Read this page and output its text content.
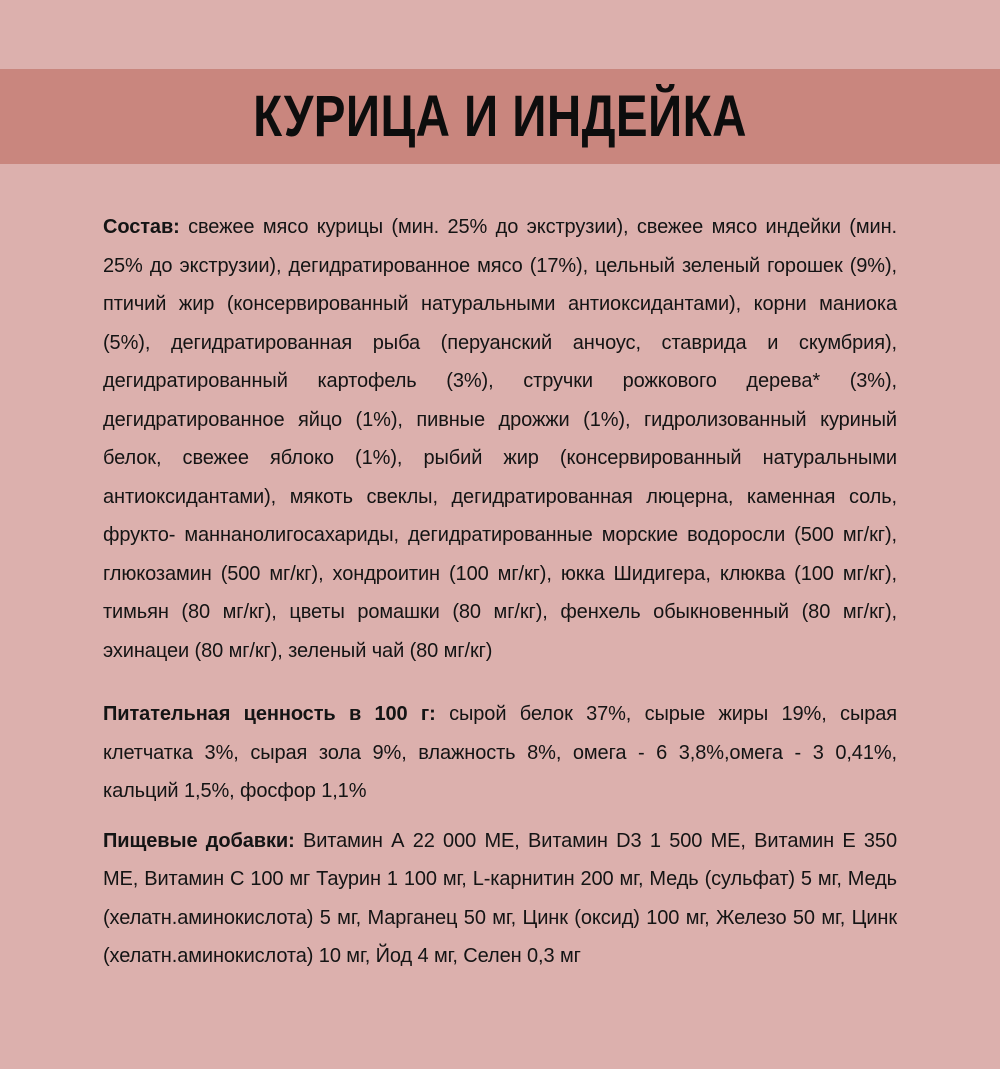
КУРИЦА И ИНДЕЙКА

Состав: свежее мясо курицы (мин. 25% до экструзии), свежее мясо индейки (мин. 25% до экструзии), дегидратированное мясо (17%), цельный зеленый горошек (9%), птичий жир (консервированный натуральными антиоксидантами), корни маниока (5%), дегидратированная рыба (перуанский анчоус, ставрида и скумбрия), дегидратированный картофель (3%), стручки рожкового дерева* (3%), дегидратированное яйцо (1%), пивные дрожжи (1%), гидролизованный куриный белок, свежее яблоко (1%), рыбий жир (консервированный натуральными антиоксидантами), мякоть свеклы, дегидратированная люцерна, каменная соль, фрукто- маннанолигосахариды, дегидратированные морские водоросли (500 мг/кг), глюкозамин (500 мг/кг), хондроитин (100 мг/кг), юкка Шидигера, клюква (100 мг/кг), тимьян (80 мг/кг), цветы ромашки (80 мг/кг), фенхель обыкновенный (80 мг/кг), эхинацеи (80 мг/кг), зеленый чай (80 мг/кг)

Питательная ценность в 100 г: сырой белок 37%, сырые жиры 19%, сырая клетчатка 3%, сырая зола 9%, влажность 8%, омега - 6 3,8%,омега - 3 0,41%, кальций 1,5%, фосфор 1,1%

Пищевые добавки: Витамин А 22 000 МЕ, Витамин D3 1 500 МЕ, Витамин Е 350 МЕ, Витамин С 100 мг Таурин 1 100 мг, L-карнитин 200 мг, Медь (сульфат) 5 мг, Медь (хелатн.аминокислота) 5 мг, Марганец 50 мг, Цинк (оксид) 100 мг, Железо 50 мг, Цинк (хелатн.аминокислота) 10 мг, Йод 4 мг, Селен 0,3 мг
